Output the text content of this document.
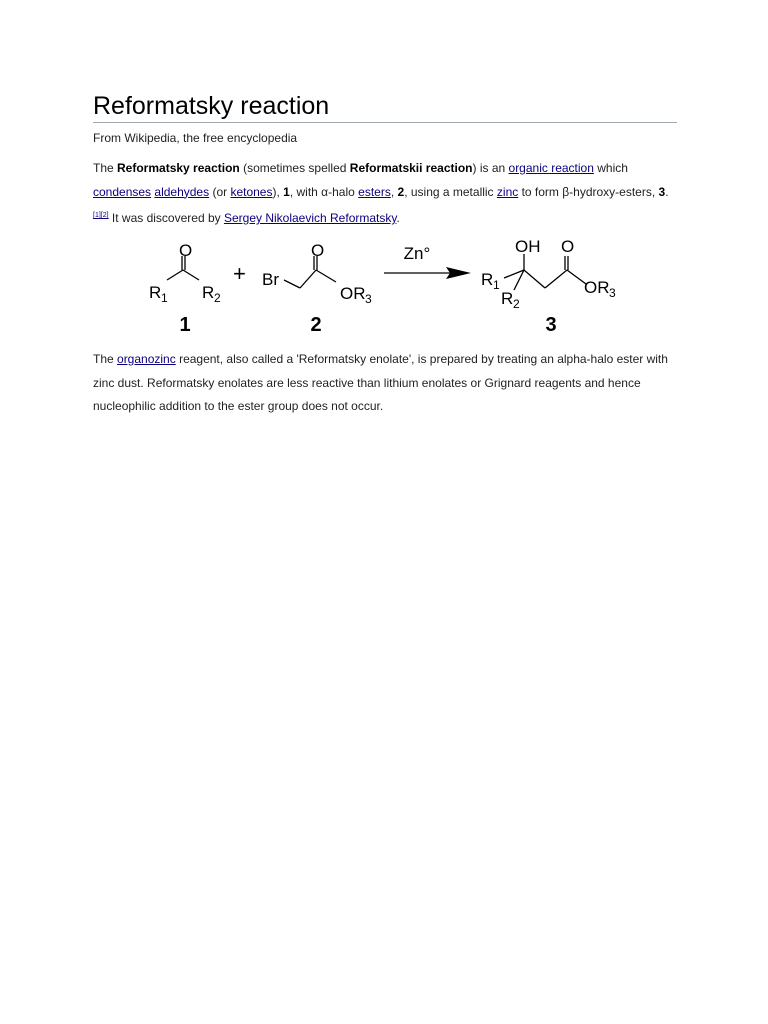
Reformatsky reaction
From Wikipedia, the free encyclopedia

The Reformatsky reaction (sometimes spelled Reformatskii reaction) is an organic reaction which condenses aldehydes (or ketones), 1, with α-halo esters, 2, using a metallic zinc to form β-hydroxy-esters, 3.[1][2] It was discovered by Sergey Nikolaevich Reformatsky.

O
R 1 R 2
1
+ Br
O
OR 3
2
Zn°	OH O
R 1
R 2
OR 3
3

The organozinc reagent, also called a 'Reformatsky enolate', is prepared by treating an alpha-halo ester with zinc dust. Reformatsky enolates are less reactive than lithium enolates or Grignard reagents and hence nucleophilic addition to the ester group does not occur.
